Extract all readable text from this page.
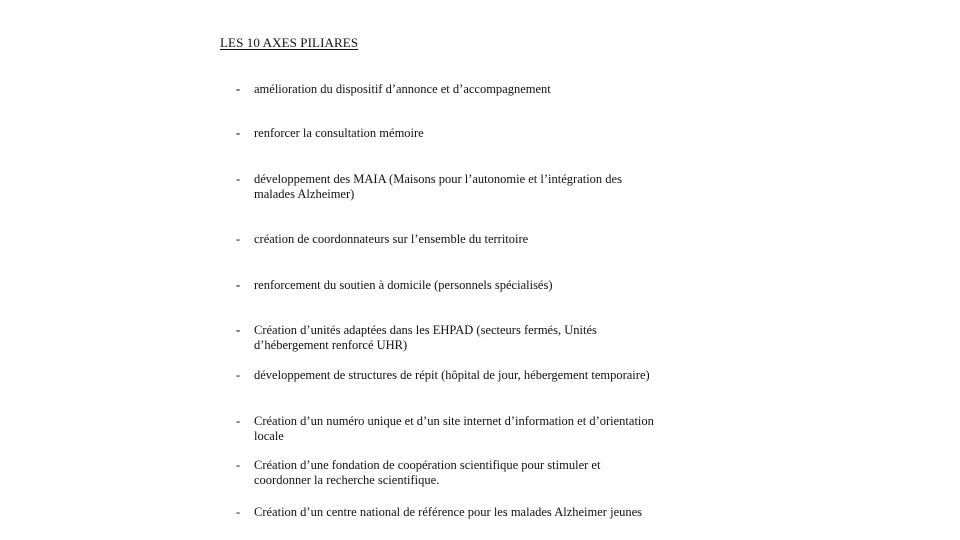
LES 10 AXES PILIARES
-	amélioration du dispositif d’annonce et d’accompagnement
-	renforcer la consultation mémoire
-	développement des MAIA (Maisons pour l’autonomie et l’intégration des malades Alzheimer)
-	création de coordonnateurs sur l’ensemble du territoire
-	renforcement du soutien à domicile (personnels spécialisés)
-	Création d’unités adaptées dans les EHPAD (secteurs fermés, Unités d’hébergement renforcé UHR)
-	développement de structures de répit (hôpital de jour, hébergement temporaire)
-	Création d’un numéro unique et d’un site internet d’information et d’orientation locale
-	Création d’une fondation de coopération scientifique pour stimuler et coordonner la recherche scientifique.
-	Création d’un centre national de référence pour les malades Alzheimer jeunes
